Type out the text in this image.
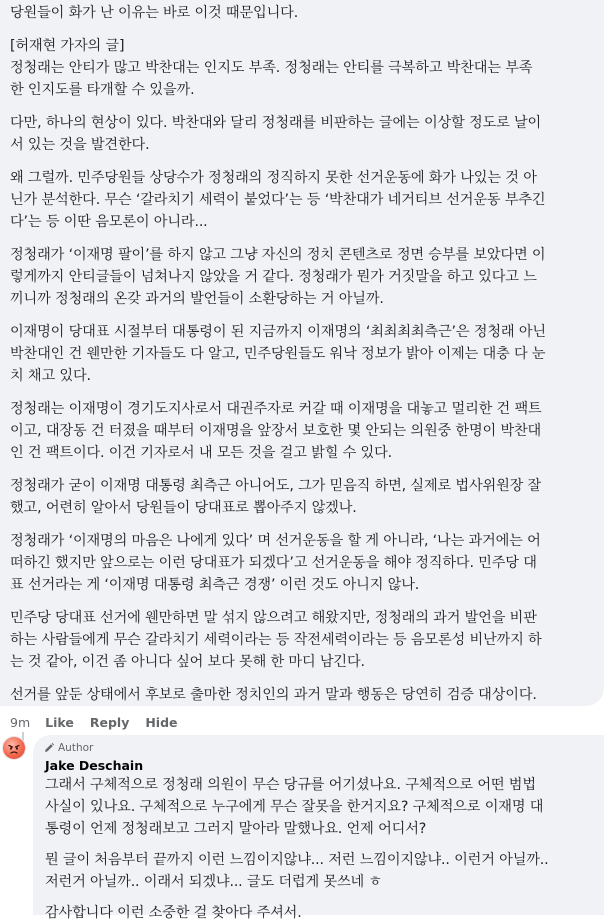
당원들이 화가 난 이유는 바로 이것 때문입니다.

[허재현 가자의 글]
정청래는 안티가 많고 박찬대는 인지도 부족. 정청래는 안티를 극복하고 박찬대는 부족
한 인지도를 타개할 수 있을까.

다만, 하나의 현상이 있다. 박찬대와 달리 정청래를 비판하는 글에는 이상할 정도로 날이
서 있는 것을 발견한다.

왜 그럴까. 민주당원들 상당수가 정청래의 정직하지 못한 선거운동에 화가 나있는 것 아
닌가 분석한다. 무슨 ‘갈라치기 세력이 붙었다’는 등 ‘박찬대가 네거티브 선거운동 부추긴
다’는 등 이딴 음모론이 아니라...

정청래가 ‘이재명 팔이’를 하지 않고 그냥 자신의 정치 콘텐츠로 정면 승부를 보았다면 이
렇게까지 안티글들이 넘쳐나지 않았을 거 같다. 정청래가 뭔가 거짓말을 하고 있다고 느
끼니까 정청래의 온갖 과거의 발언들이 소환당하는 거 아닐까.

이재명이 당대표 시절부터 대통령이 된 지금까지 이재명의 ‘최최최최측근’은 정청래 아닌
박찬대인 건 웬만한 기자들도 다 알고, 민주당원들도 워낙 정보가 밝아 이제는 대충 다 눈
치 채고 있다.

정청래는 이재명이 경기도지사로서 대권주자로 커갈 때 이재명을 대놓고 멀리한 건 팩트
이고, 대장동 건 터졌을 때부터 이재명을 앞장서 보호한 몇 안되는 의원중 한명이 박찬대
인 건 팩트이다. 이건 기자로서 내 모든 것을 걸고 밝힐 수 있다.

정청래가 굳이 이재명 대통령 최측근 아니어도, 그가 믿음직 하면, 실제로 법사위원장 잘
했고, 어련히 알아서 당원들이 당대표로 뽑아주지 않겠나.

정청래가 ‘이재명의 마음은 나에게 있다’ 며 선거운동을 할 게 아니라, ‘나는 과거에는 어
떠하긴 했지만 앞으로는 이런 당대표가 되겠다’고 선거운동을 해야 정직하다. 민주당 대
표 선거라는 게 ‘이재명 대통령 최측근 경쟁’ 이런 것도 아니지 않나.

민주당 당대표 선거에 웬만하면 말 섞지 않으려고 해왔지만, 정청래의 과거 발언을 비판
하는 사람들에게 무슨 갈라치기 세력이라는 등 작전세력이라는 등 음모론성 비난까지 하
는 것 같아, 이건 좀 아니다 싶어 보다 못해 한 마디 남긴다.

선거를 앞둔 상태에서 후보로 출마한 정치인의 과거 말과 행동은 당연히 검증 대상이다.

9m Like Reply Hide
Author
Jake Deschain

그래서 구체적으로 정청래 의원이 무슨 당규를 어기셨나요. 구체적으로 어떤 범법
사실이 있나요. 구체적으로 누구에게 무슨 잘못을 한거지요? 구체적으로 이재명 대
통령이 언제 정청래보고 그러지 말아라 말했나요. 언제 어디서?

뭔 글이 처음부터 끝까지 이런 느낌이지않냐... 저런 느낌이지않냐.. 이런거 아닐까..
저런거 아닐까.. 이래서 되겠냐... 글도 더럽게 못쓰네 ㅎ

감사합니다 이런 소중한 걸 찾아다 주셔서.
